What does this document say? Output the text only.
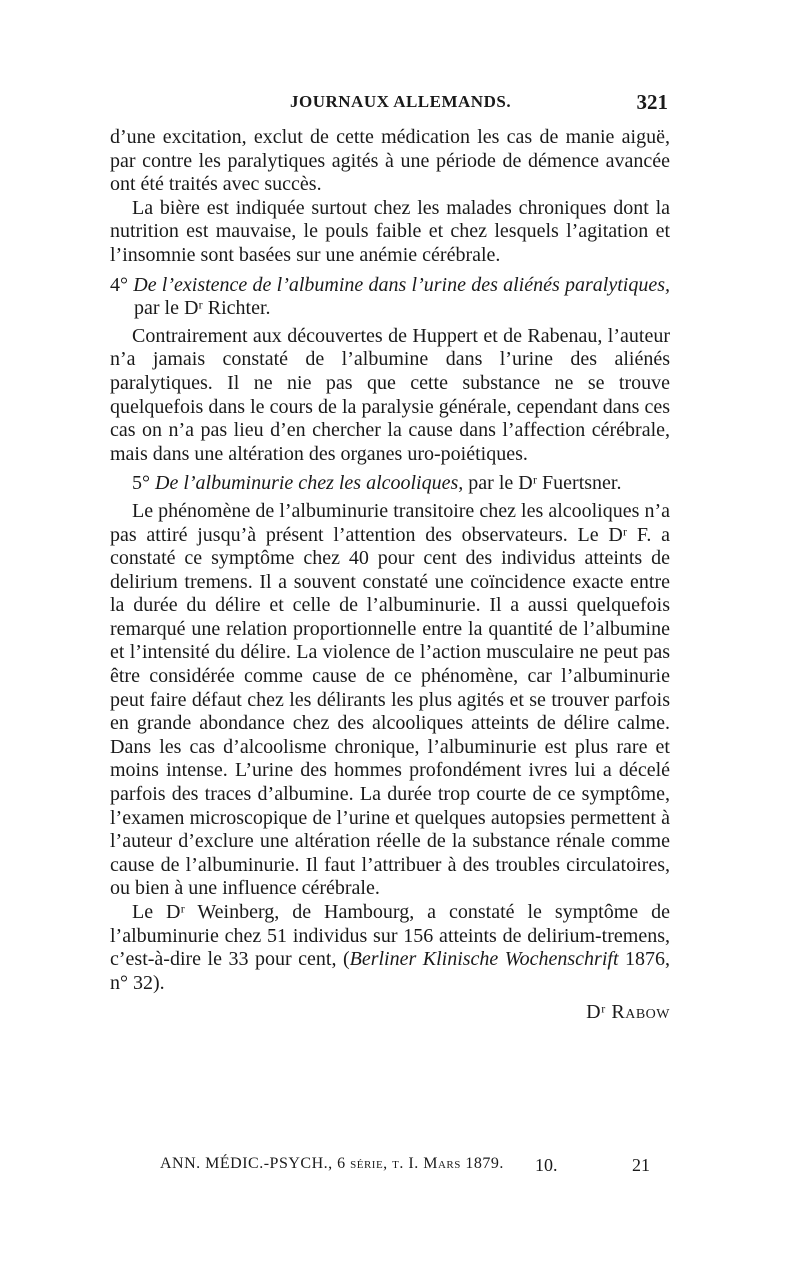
JOURNAUX ALLEMANDS.	321

d’une excitation, exclut de cette médication les cas de manie aiguë, par contre les paralytiques agités à une période de démence avancée ont été traités avec succès.

La bière est indiquée surtout chez les malades chroniques dont la nutrition est mauvaise, le pouls faible et chez lesquels l’agitation et l’insomnie sont basées sur une anémie cérébrale.

4° De l’existence de l’albumine dans l’urine des aliénés paralytiques, par le Dʳ Richter.

Contrairement aux découvertes de Huppert et de Rabenau, l’auteur n’a jamais constaté de l’albumine dans l’urine des aliénés paralytiques. Il ne nie pas que cette substance ne se trouve quelquefois dans le cours de la paralysie générale, cependant dans ces cas on n’a pas lieu d’en chercher la cause dans l’affection cérébrale, mais dans une altération des organes uro-poiétiques.

5° De l’albuminurie chez les alcooliques, par le Dʳ Fuertsner.

Le phénomène de l’albuminurie transitoire chez les alcooliques n’a pas attiré jusqu’à présent l’attention des observateurs. Le Dʳ F. a constaté ce symptôme chez 40 pour cent des individus atteints de delirium tremens. Il a souvent constaté une coïncidence exacte entre la durée du délire et celle de l’albuminurie. Il a aussi quelquefois remarqué une relation proportionnelle entre la quantité de l’albumine et l’intensité du délire. La violence de l’action musculaire ne peut pas être considérée comme cause de ce phénomène, car l’albuminurie peut faire défaut chez les délirants les plus agités et se trouver parfois en grande abondance chez des alcooliques atteints de délire calme. Dans les cas d’alcoolisme chronique, l’albuminurie est plus rare et moins intense. L’urine des hommes profondément ivres lui a décelé parfois des traces d’albumine. La durée trop courte de ce symptôme, l’examen microscopique de l’urine et quelques autopsies permettent à l’auteur d’exclure une altération réelle de la substance rénale comme cause de l’albuminurie. Il faut l’attribuer à des troubles circulatoires, ou bien à une influence cérébrale.

Le Dʳ Weinberg, de Hambourg, a constaté le symptôme de l’albuminurie chez 51 individus sur 156 atteints de delirium-tremens, c’est-à-dire le 33 pour cent, (Berliner Klinische Wochenschrift 1876, n° 32).

Dʳ Rabow

ANN. MÉDIC.-PSYCH., 6 série, t. I. Mars 1879. 10.	21
